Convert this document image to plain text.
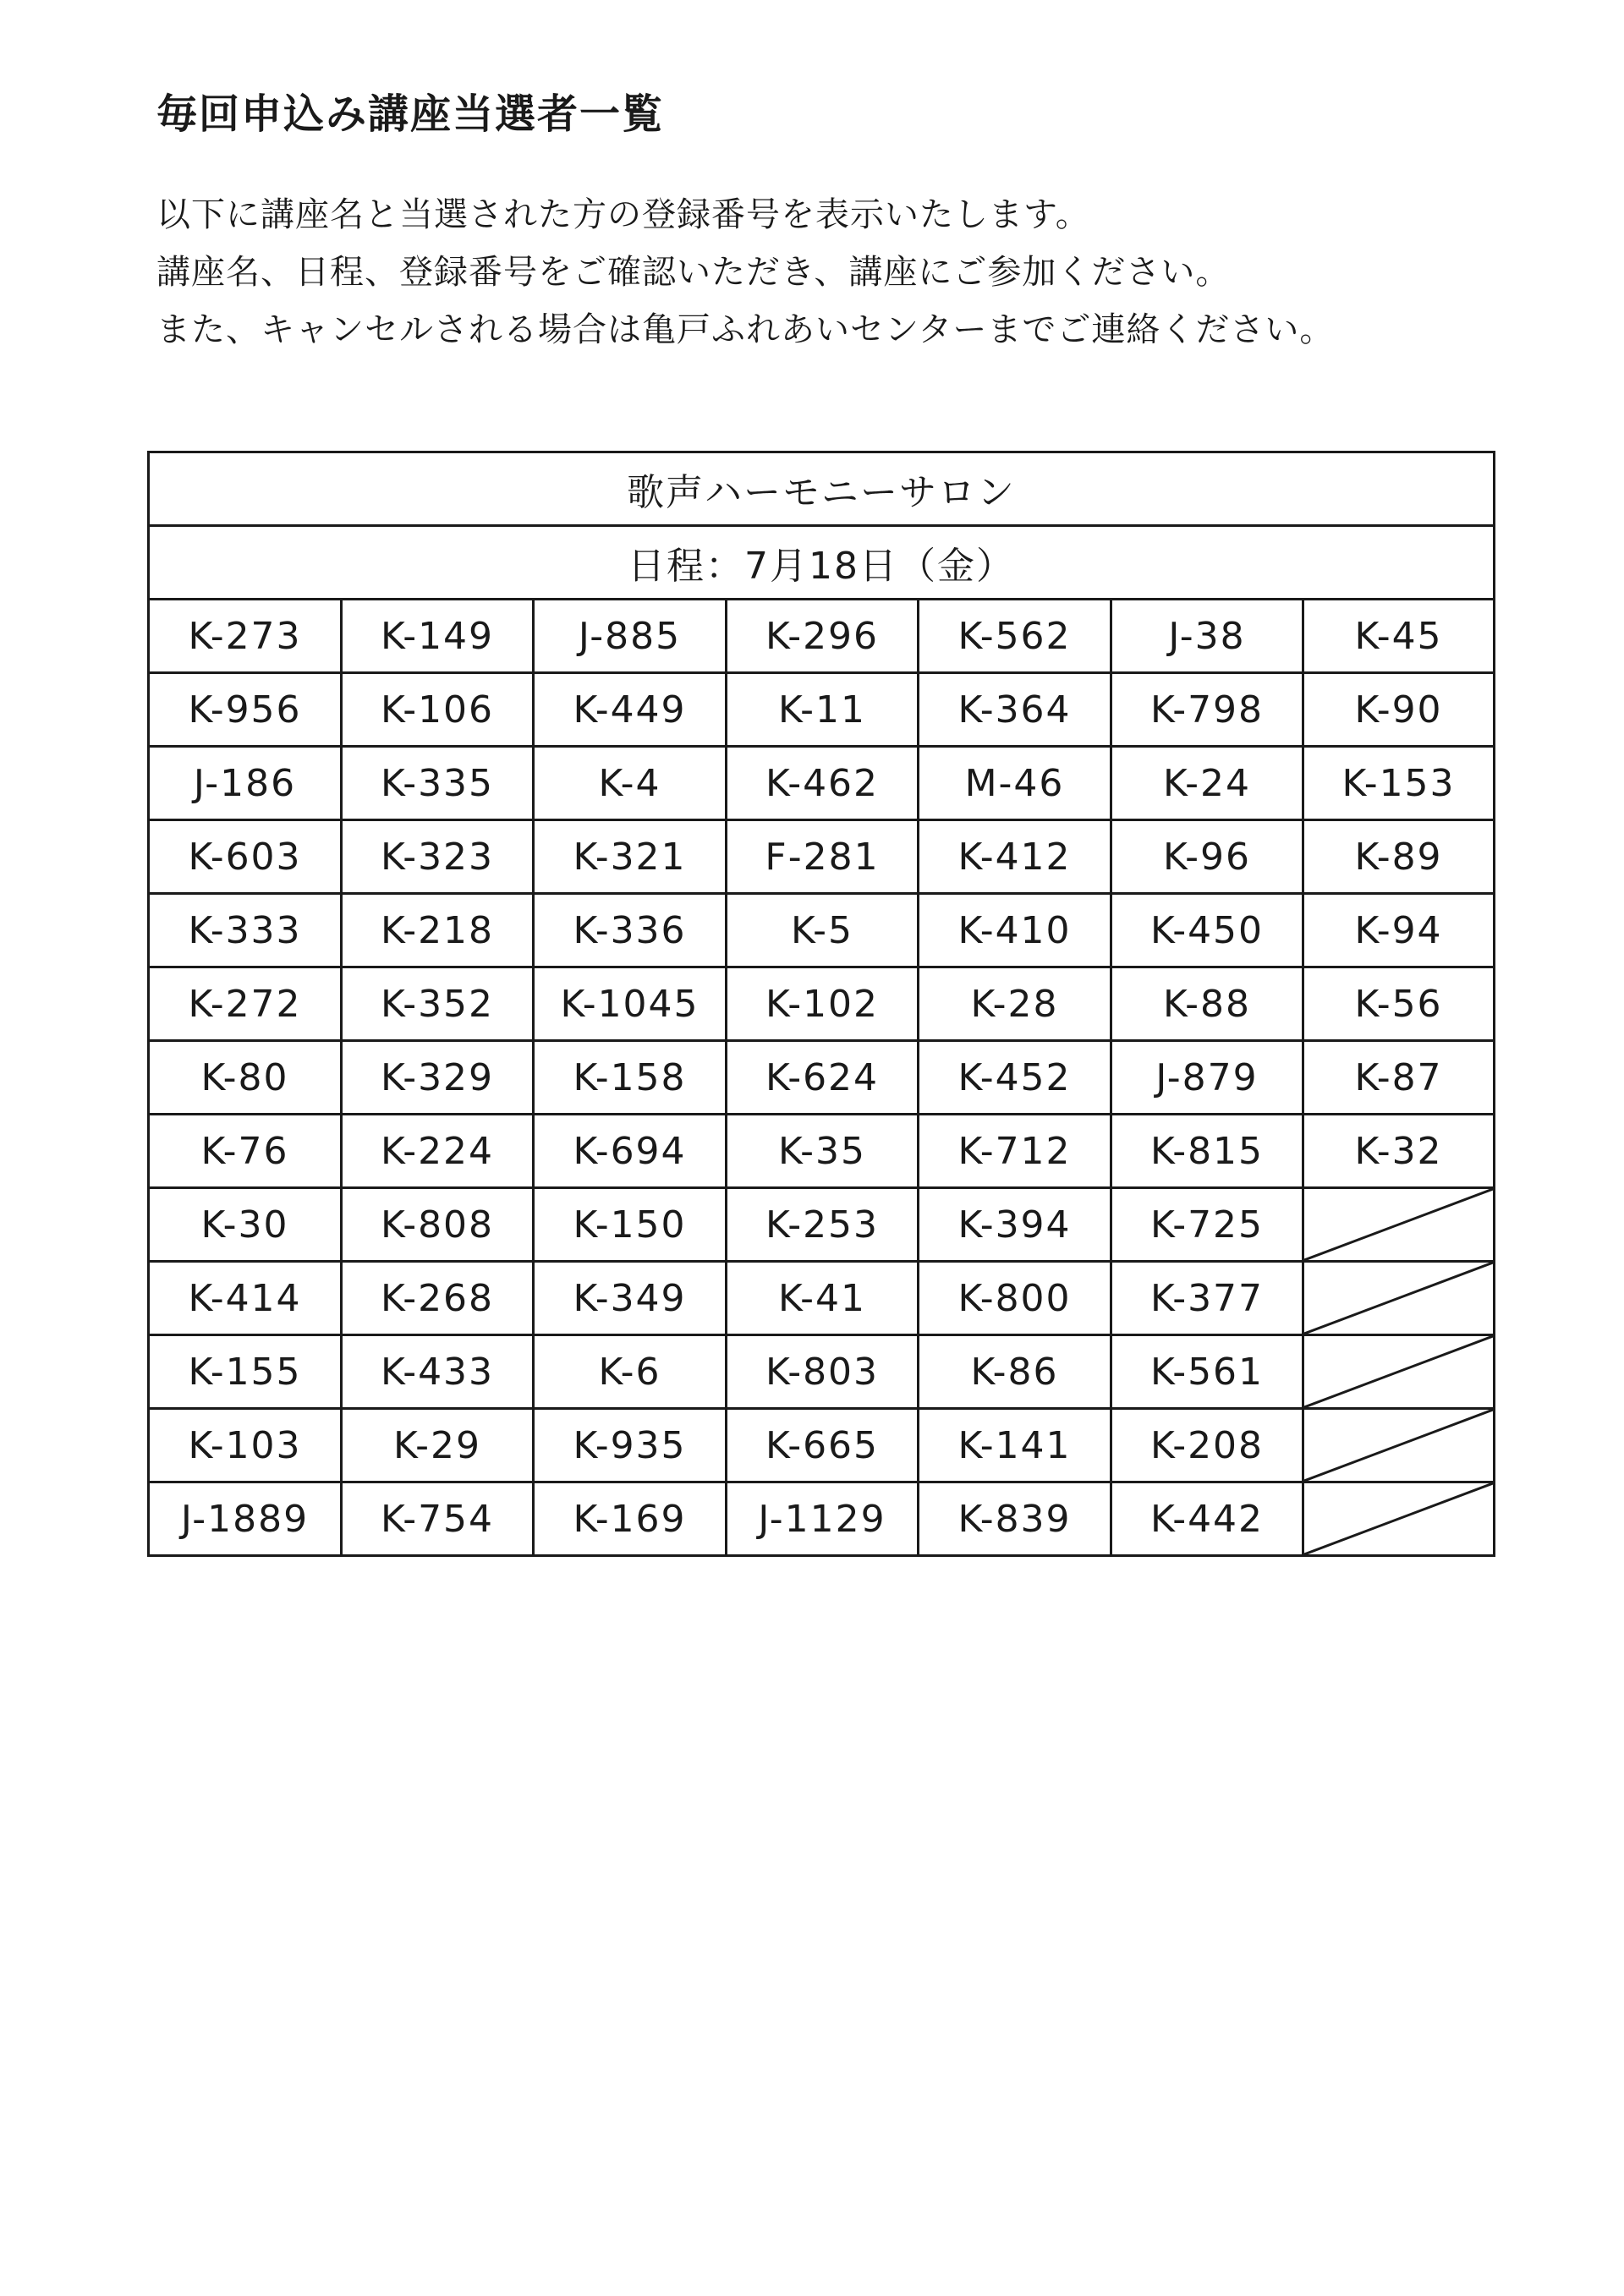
毎回申込み講座当選者一覧

以下に講座名と当選された方の登録番号を表示いたします。

講座名、日程、登録番号をご確認いただき、講座にご参加ください。

また、キャンセルされる場合は亀戸ふれあいセンターまでご連絡ください。

歌声ハーモニーサロン						
日程：7月18日（金）						
K-273	K-149	J-885	K-296	K-562	J-38	K-45
K-956	K-106	K-449	K-11	K-364	K-798	K-90
J-186	K-335	K-4	K-462	M-46	K-24	K-153
K-603	K-323	K-321	F-281	K-412	K-96	K-89
K-333	K-218	K-336	K-5	K-410	K-450	K-94
K-272	K-352	K-1045	K-102	K-28	K-88	K-56
K-80	K-329	K-158	K-624	K-452	J-879	K-87
K-76	K-224	K-694	K-35	K-712	K-815	K-32
K-30	K-808	K-150	K-253	K-394	K-725	

K-414	K-268	K-349	K-41	K-800	K-377	

K-155	K-433	K-6	K-803	K-86	K-561	

K-103	K-29	K-935	K-665	K-141	K-208	

J-1889	K-754	K-169	J-1129	K-839	K-442	
